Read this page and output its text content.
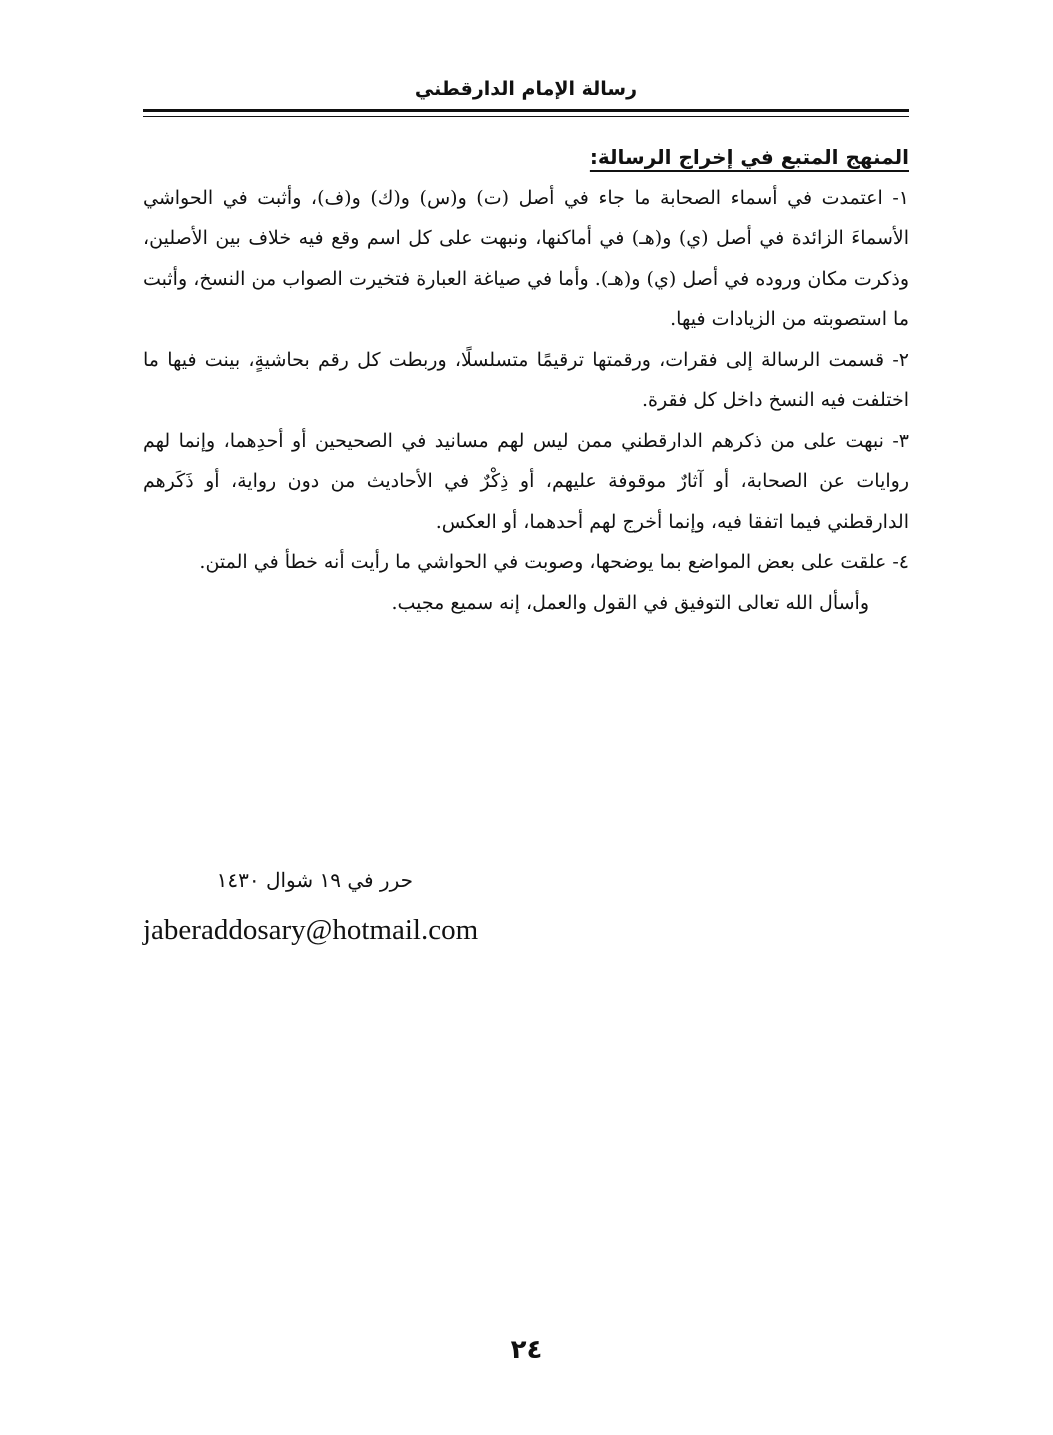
رسالة الإمام الدارقطني
المنهج المتبع في إخراج الرسالة:

١- اعتمدت في أسماء الصحابة ما جاء في أصل (ت) و(س) و(ك) و(ف)، وأثبت في الحواشي الأسماءَ الزائدة في أصل (ي) و(هـ) في أماكنها، ونبهت على كل اسم وقع فيه خلاف بين الأصلين، وذكرت مكان وروده في أصل (ي) و(هـ). وأما في صياغة العبارة فتخيرت الصواب من النسخ، وأثبت ما استصوبته من الزيادات فيها.

٢- قسمت الرسالة إلى فقرات، ورقمتها ترقيمًا متسلسلًا، وربطت كل رقم بحاشيةٍ، بينت فيها ما اختلفت فيه النسخ داخل كل فقرة.

٣- نبهت على من ذكرهم الدارقطني ممن ليس لهم مسانيد في الصحيحين أو أحدِهما، وإنما لهم روايات عن الصحابة، أو آثارٌ موقوفة عليهم، أو ذِكْرٌ في الأحاديث من دون رواية، أو ذَكَرهم الدارقطني فيما اتفقا فيه، وإنما أخرج لهم أحدهما، أو العكس.

٤- علقت على بعض المواضع بما يوضحها، وصوبت في الحواشي ما رأيت أنه خطأ في المتن.

وأسأل الله تعالى التوفيق في القول والعمل، إنه سميع مجيب.

حرر في ١٩ شوال ١٤٣٠
jaberaddosary@hotmail.com
٢٤
